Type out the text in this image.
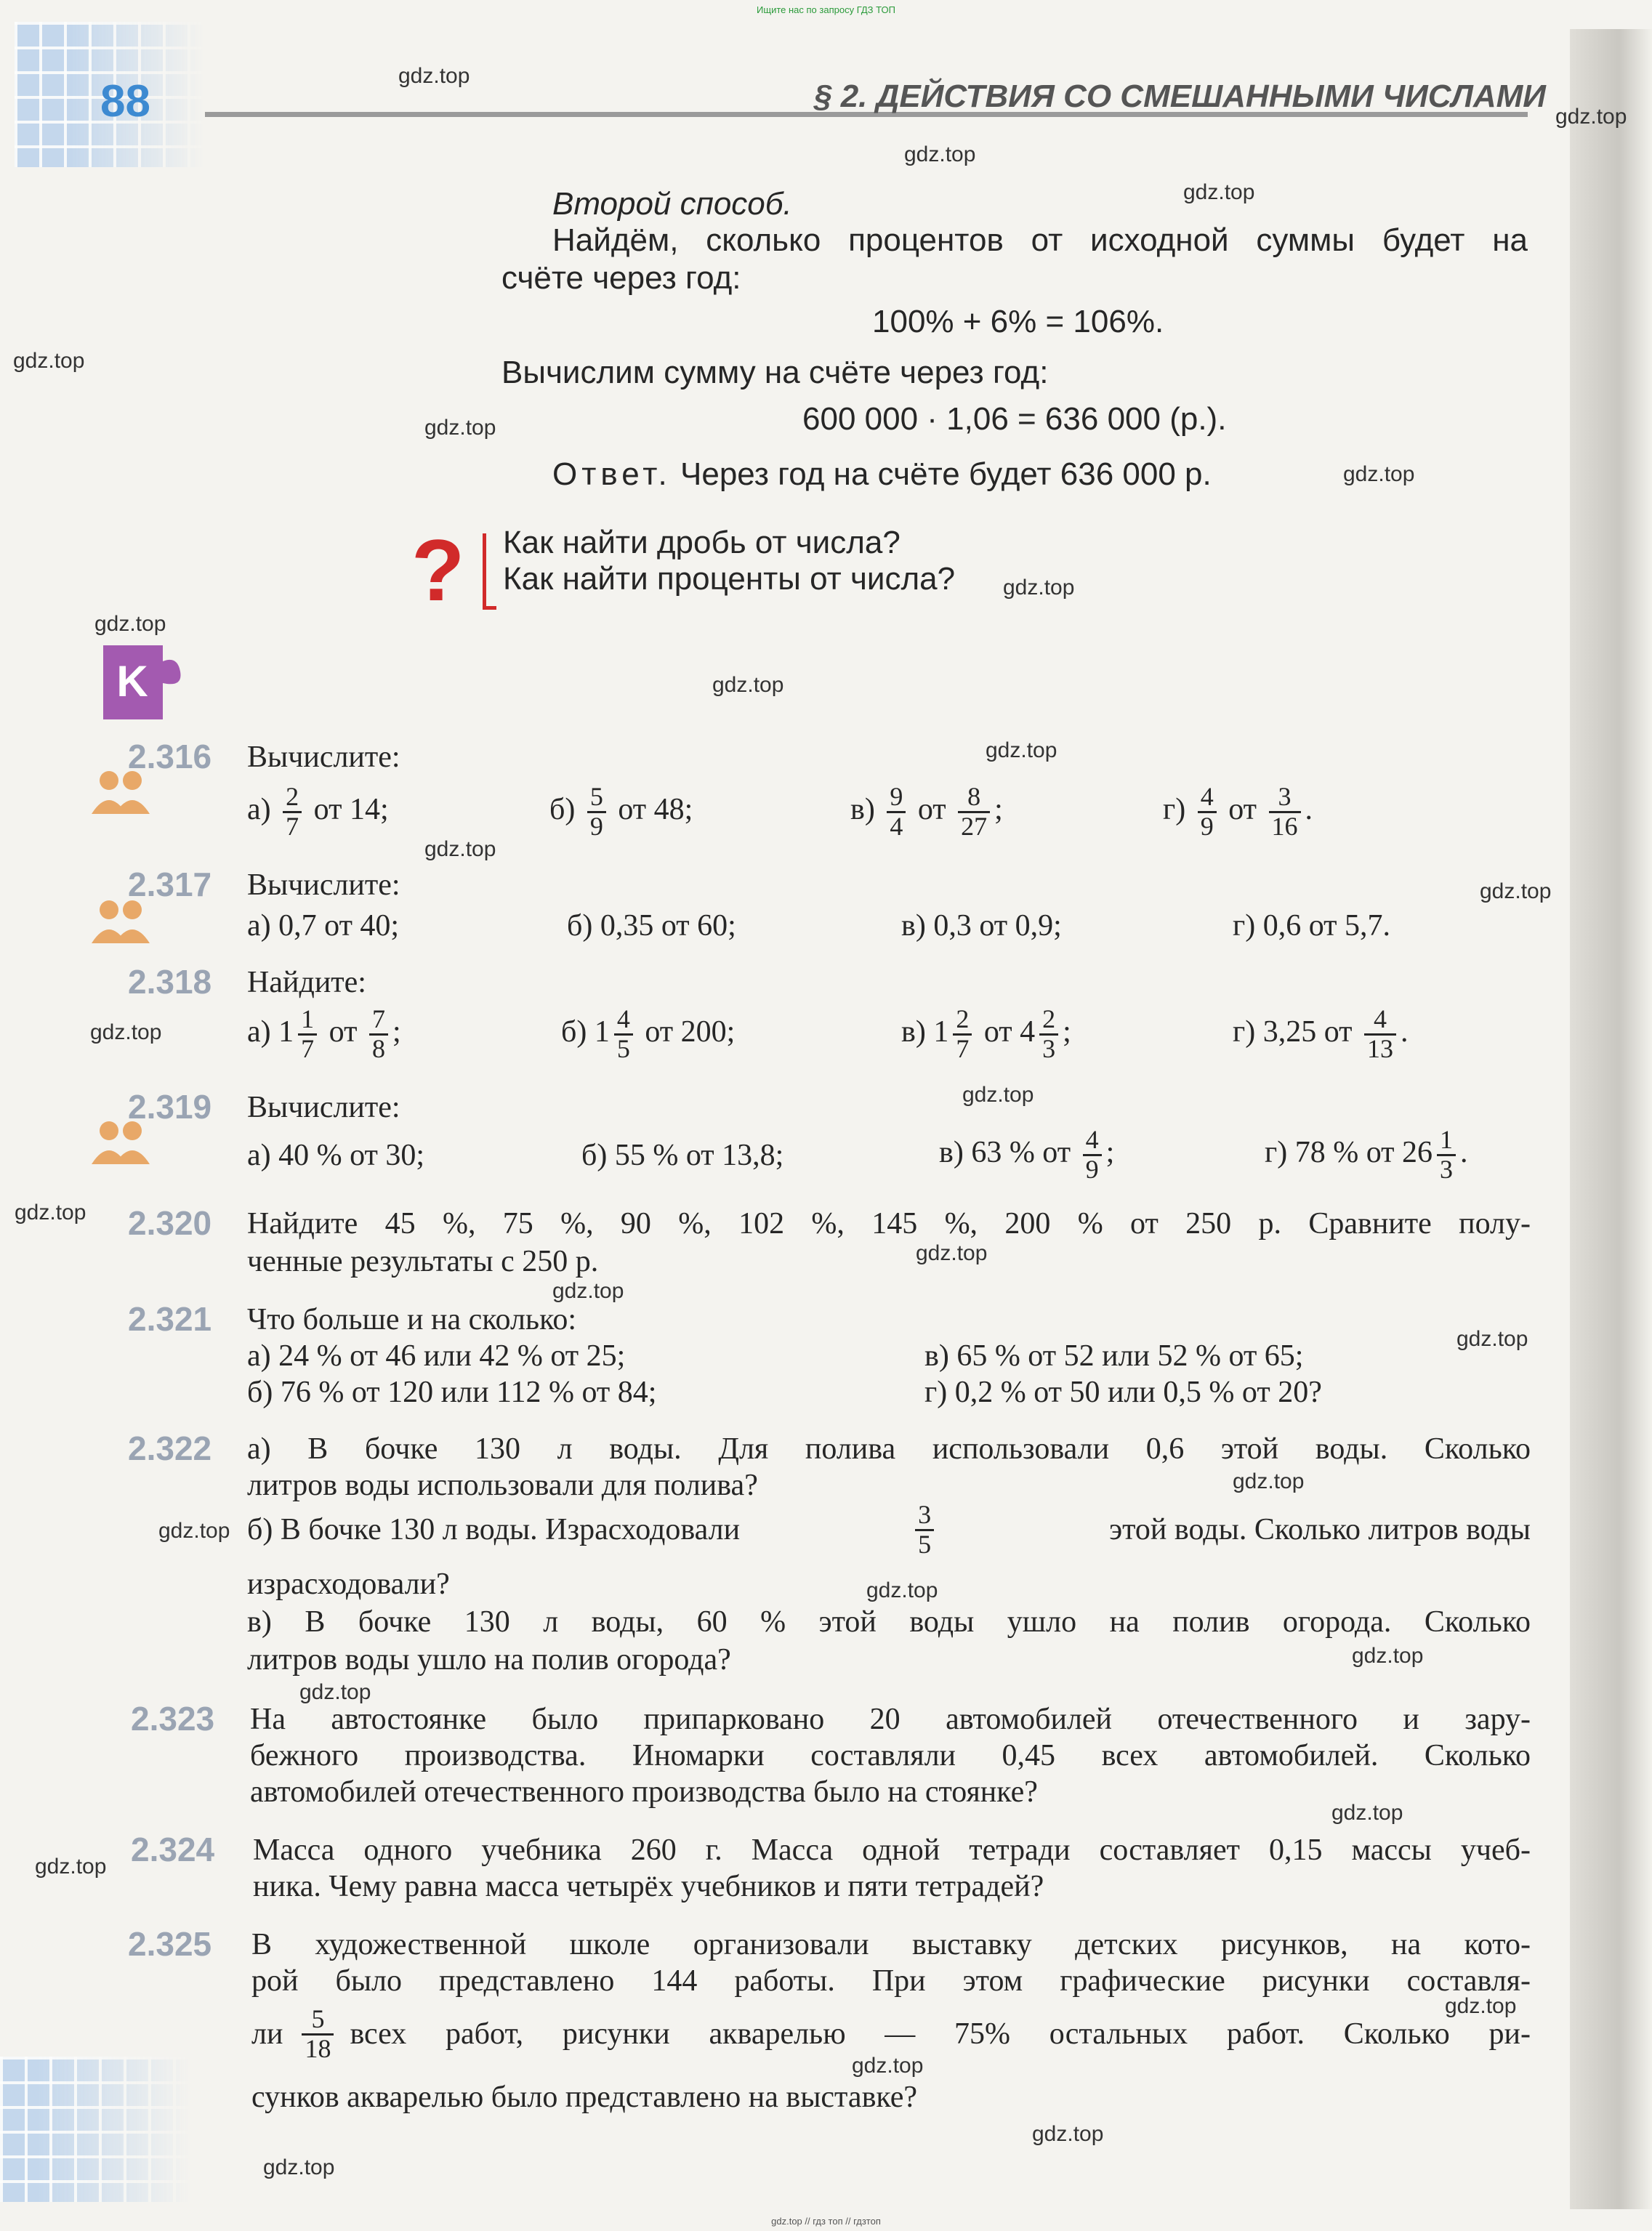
Ищите нас по запросу ГДЗ ТОП
88	§ 2. ДЕЙСТВИЯ СО СМЕШАННЫМИ ЧИСЛАМИ
Второй способ.
Найдём, сколько процентов от исходной суммы будет на
счёте через год:
100% + 6% = 106%.
Вычислим сумму на счёте через год:
600 000 · 1,06 = 636 000 (р.).
Ответ. Через год на счёте будет 636 000 р.
? Как найти дробь от числа?
Как найти проценты от числа?
K
2.316 Вычислите:
$а) \frac{2}{7}$ от 14;	$б) \frac{5}{9}$ от 48;	$в) \frac{9}{4}$ от $\frac{8}{27}$ ;	$г) \frac{4}{9}$ от $\frac{3}{16}$ .
2.317 Вычислите:
а) 0,7 от 40;	б) 0,35 от 60;	в) 0,3 от 0,9;	г) 0,6 от 5,7.
2.318 Найдите:
а) $1 \frac{1}{7}$ от $\frac{7}{8}$ ;	б) $1 \frac{4}{5}$ от 200;	в) $1 \frac{2}{7}$ от $4 \frac{2}{3}$ ;	г) 3,25 от $\frac{4}{13}$ .
2.319 Вычислите:
а) 40 % от 30;	б) 55 % от 13,8;	в) 63 % от $\frac{4}{9}$ ;	г) 78 % от $26 \frac{1}{3}$ .
2.320 Найдите 45 %, 75 %, 90 %, 102 %, 145 %, 200 % от 250 р. Сравните полу-
ченные результаты с 250 р.
2.321 Что больше и на сколько:
а) 24 % от 46 или 42 % от 25;	в) 65 % от 52 или 52 % от 65;
б) 76 % от 120 или 112 % от 84;	г) 0,2 % от 50 или 0,5 % от 20?
2.322 а) В бочке 130 л воды. Для полива использовали 0,6 этой воды. Сколько
литров воды использовали для полива?
б) В бочке 130 л воды. Израсходовали	$\frac{3}{5}$	этой воды. Сколько литров воды
израсходовали?
в) В бочке 130 л воды, 60 % этой воды ушло на полив огорода. Сколько
литров воды ушло на полив огорода?
2.323 На автостоянке было припарковано 20 автомобилей отечественного и зару-
бежного производства. Иномарки составляли 0,45 всех автомобилей. Сколько
автомобилей отечественного производства было на стоянке?
2.324 Масса одного учебника 260 г. Масса одной тетради составляет 0,15 массы учеб-
ника. Чему равна масса четырёх учебников и пяти тетрадей?
2.325 В художественной школе организовали выставку детских рисунков, на кото-
рой было представлено 144 работы. При этом графические рисунки составля-
ли $\frac{5}{18}$ всех работ, рисунки акварелью — 75% остальных работ. Сколько ри-
сунков акварелью было представлено на выставке?
gdz.top
gdz.top
gdz.top
gdz.top
gdz.top
gdz.top
gdz.top
gdz.top
gdz.top
gdz.top
gdz.top
gdz.top
gdz.top
gdz.top
gdz.top
gdz.top
gdz.top
gdz.top
gdz.top
gdz.top
gdz.top
gdz.top
gdz.top
gdz.top
gdz.top
gdz.top
gdz.top
gdz.top
gdz.top
gdz.top
gdz.top // гдз топ // гдзтоп
